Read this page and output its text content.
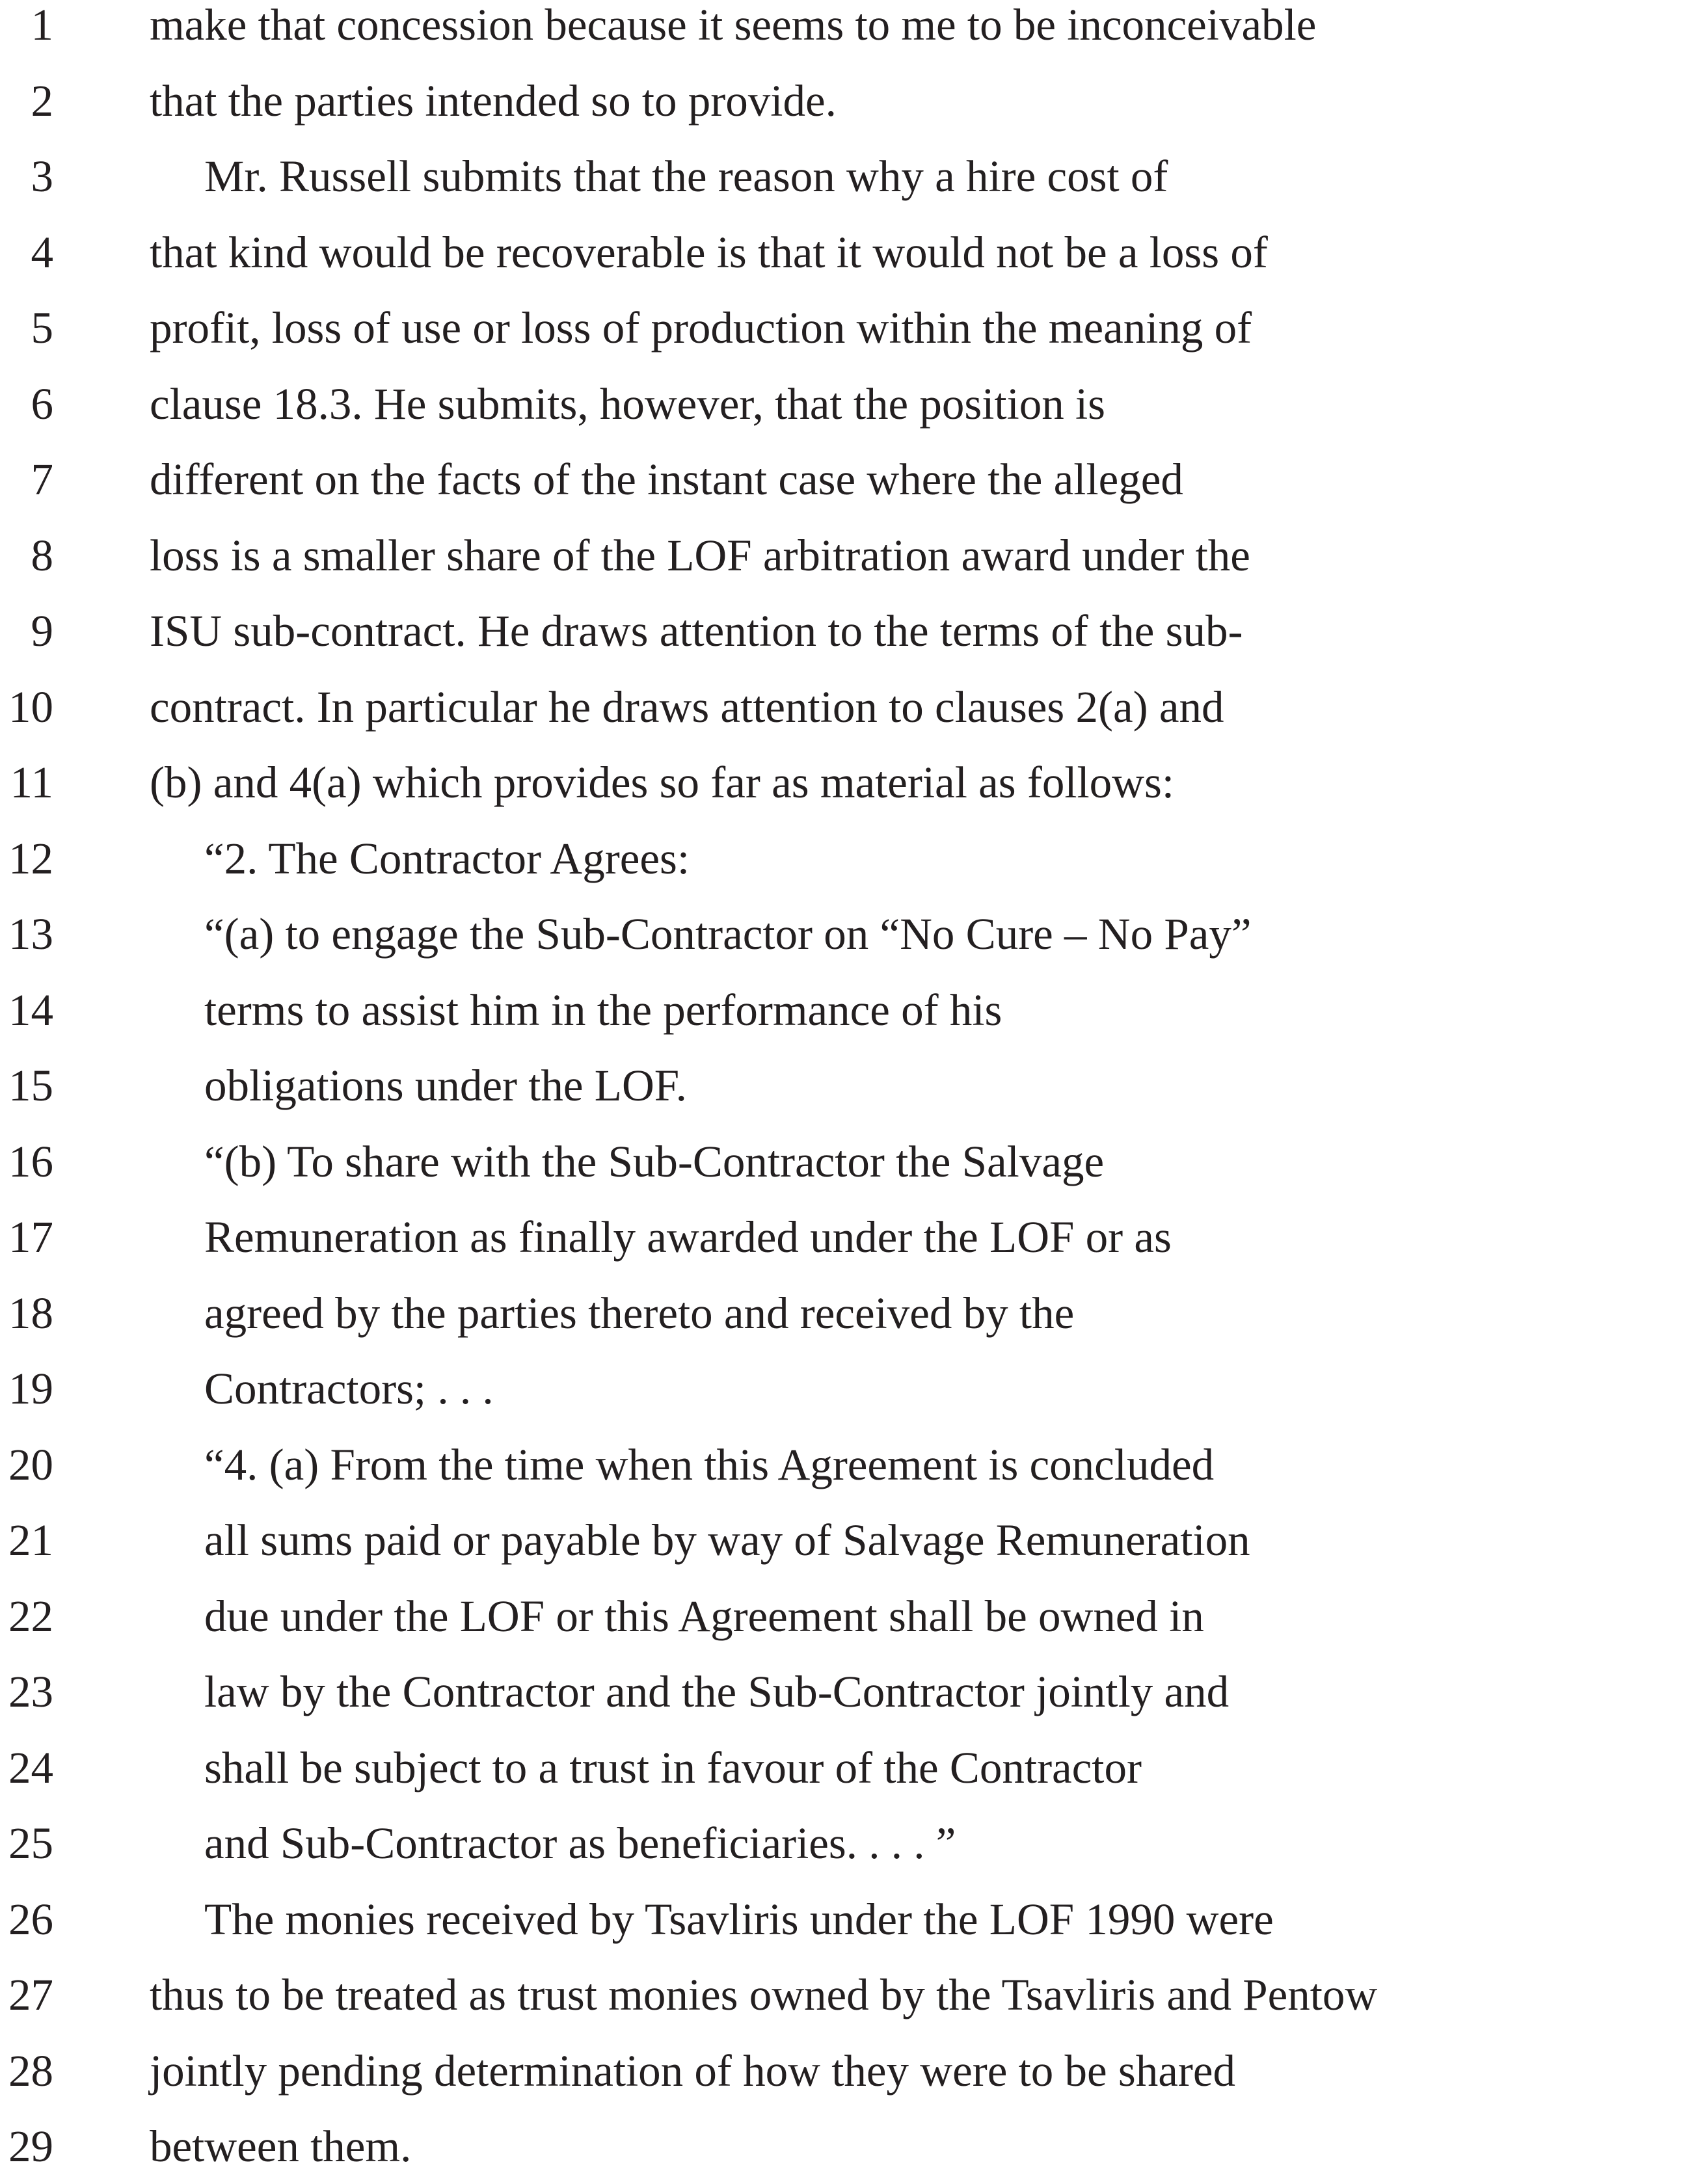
1 make that concession because it seems to me to be inconceivable
2 that the parties intended so to provide.
3	Mr. Russell submits that the reason why a hire cost of
4 that kind would be recoverable is that it would not be a loss of
5 profit, loss of use or loss of production within the meaning of
6 clause 18.3. He submits, however, that the position is
7 different on the facts of the instant case where the alleged
8 loss is a smaller share of the LOF arbitration award under the
9 ISU sub-contract. He draws attention to the terms of the sub-
10 contract. In particular he draws attention to clauses 2(a) and
11 (b) and 4(a) which provides so far as material as follows:
12	“2. The Contractor Agrees:
13	“(a) to engage the Sub-Contractor on “No Cure – No Pay”
14	terms to assist him in the performance of his
15	obligations under the LOF.
16	“(b) To share with the Sub-Contractor the Salvage
17	Remuneration as finally awarded under the LOF or as
18	agreed by the parties thereto and received by the
19	Contractors; . . .
20	“4. (a) From the time when this Agreement is concluded
21	all sums paid or payable by way of Salvage Remuneration
22	due under the LOF or this Agreement shall be owned in
23	law by the Contractor and the Sub-Contractor jointly and
24	shall be subject to a trust in favour of the Contractor
25	and Sub-Contractor as beneficiaries. . . . ”
26	The monies received by Tsavliris under the LOF 1990 were
27 thus to be treated as trust monies owned by the Tsavliris and Pentow
28 jointly pending determination of how they were to be shared
29 between them.
